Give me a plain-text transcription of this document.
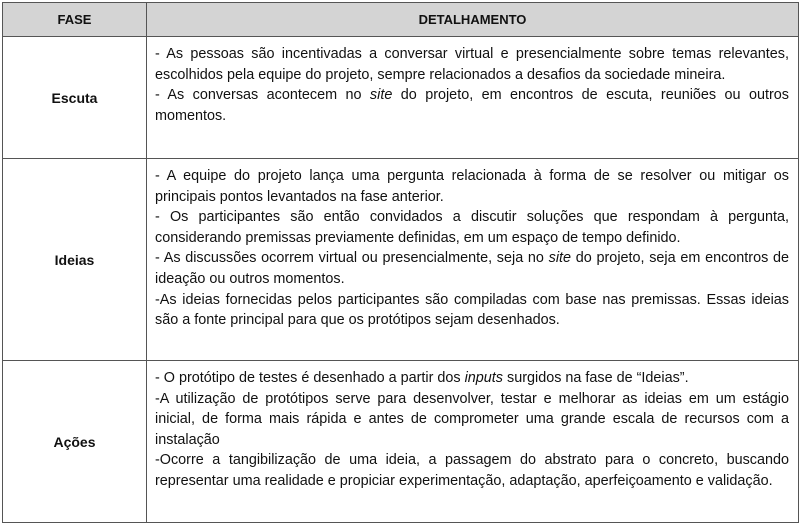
FASE	DETALHAMENTO
Escuta	- As pessoas são incentivadas a conversar virtual e presencialmente sobre temas relevantes, escolhidos pela equipe do projeto, sempre relacionados a desafios da sociedade mineira.

- As conversas acontecem no site do projeto, em encontros de escuta, reuniões ou outros momentos.

Ideias	- A equipe do projeto lança uma pergunta relacionada à forma de se resolver ou mitigar os principais pontos levantados na fase anterior.

- Os participantes são então convidados a discutir soluções que respondam à pergunta, considerando premissas previamente definidas, em um espaço de tempo definido.

- As discussões ocorrem virtual ou presencialmente, seja no site do projeto, seja em encontros de ideação ou outros momentos.

-As ideias fornecidas pelos participantes são compiladas com base nas premissas. Essas ideias são a fonte principal para que os protótipos sejam desenhados.

Ações	- O protótipo de testes é desenhado a partir dos inputs surgidos na fase de “Ideias”.

-A utilização de protótipos serve para desenvolver, testar e melhorar as ideias em um estágio inicial, de forma mais rápida e antes de comprometer uma grande escala de recursos com a instalação

-Ocorre a tangibilização de uma ideia, a passagem do abstrato para o concreto, buscando representar uma realidade e propiciar experimentação, adaptação, aperfeiçoamento e validação.
